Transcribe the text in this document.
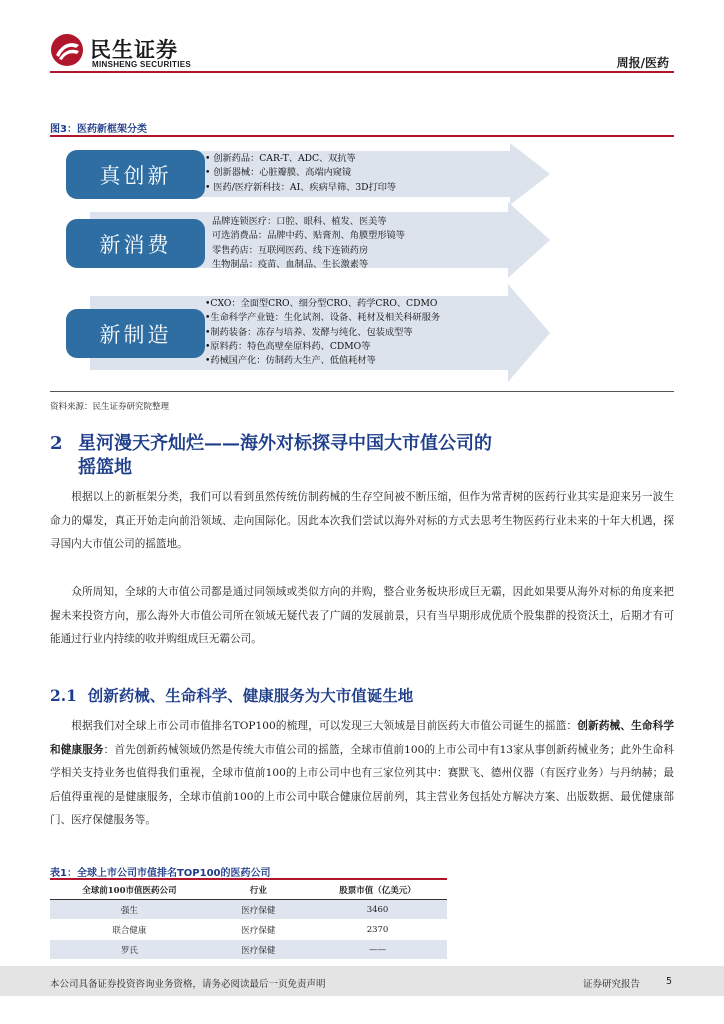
民生证券
MINSHENG SECURITIES	周报/医药
图3：医药新框架分类
真创新
• 创新药品：CAR-T、ADC、双抗等
• 创新器械：心脏瓣膜、高端内窥镜
• 医药/医疗新科技：AI、疾病早筛、3D打印等
新消费
品牌连锁医疗：口腔、眼科、植发、医美等
可选消费品：品牌中药、贴膏剂、角膜塑形镜等
零售药店：互联网医药、线下连锁药房
生物制品：疫苗、血制品、生长激素等
新制造
•CXO：全面型CRO、细分型CRO、药学CRO、CDMO
•生命科学产业链：生化试剂、设备、耗材及相关科研服务
•制药装备：冻存与培养、发酵与纯化、包装成型等
•原料药：特色高壁垒原料药、CDMO等
•药械国产化：仿制药大生产、低值耗材等
资料来源：民生证券研究院整理
2 星河漫天齐灿烂——海外对标探寻中国大市值公司的
摇篮地
根据以上的新框架分类，我们可以看到虽然传统仿制药械的生存空间被不断压缩，但作为常青树的医药行业其实是迎来另一波生命力的爆发，真正开始走向前沿领域、走向国际化。因此本次我们尝试以海外对标的方式去思考生物医药行业未来的十年大机遇，探寻国内大市值公司的摇篮地。
众所周知，全球的大市值公司都是通过同领域或类似方向的并购，整合业务板块形成巨无霸，因此如果要从海外对标的角度来把握未来投资方向，那么海外大市值公司所在领域无疑代表了广阔的发展前景，只有当早期形成优质个股集群的投资沃土，后期才有可能通过行业内持续的收并购组成巨无霸公司。
2.1 创新药械、生命科学、健康服务为大市值诞生地
根据我们对全球上市公司市值排名TOP100的梳理，可以发现三大领域是目前医药大市值公司诞生的摇篮：创新药械、生命科学和健康服务：首先创新药械领域仍然是传统大市值公司的摇篮，全球市值前100的上市公司中有13家从事创新药械业务；此外生命科学相关支持业务也值得我们重视，全球市值前100的上市公司中也有三家位列其中：赛默飞、德州仪器（有医疗业务）与丹纳赫；最后值得重视的是健康服务，全球市值前100的上市公司中联合健康位居前列，其主营业务包括处方解决方案、出版数据、最优健康部门、医疗保健服务等。
表1：全球上市公司市值排名TOP100的医药公司
全球前100市值医药公司	行业	股票市值（亿美元）
强生	医疗保健	3460
联合健康	医疗保健	2370
罗氏	医疗保健	——
本公司具备证券投资咨询业务资格，请务必阅读最后一页免责声明	证券研究报告	5
